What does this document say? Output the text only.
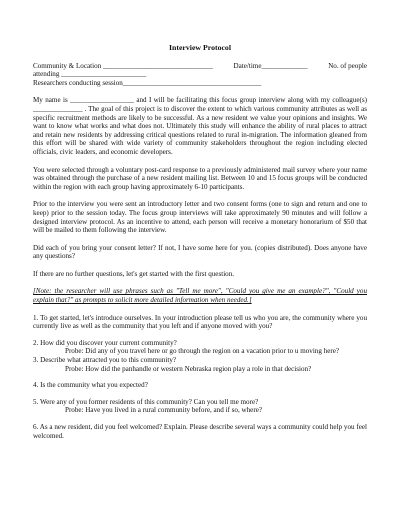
Interview Protocol
Community & Location _______________________________	Date/time_____________	No. of people
attending ________________________
Researchers conducting session_______________________________________

My name is __________________ and I will be facilitating this focus group interview along with my colleague(s) ______________ . The goal of this project is to discover the extent to which various community attributes as well as specific recruitment methods are likely to be successful. As a new resident we value your opinions and insights. We want to know what works and what does not. Ultimately this study will enhance the ability of rural places to attract and retain new residents by addressing critical questions related to rural in-migration. The information gleaned from this effort will be shared with wide variety of community stakeholders throughout the region including elected officials, civic leaders, and economic developers.

You were selected through a voluntary post-card response to a previously administered mail survey where your name was obtained through the purchase of a new resident mailing list. Between 10 and 15 focus groups will be conducted within the region with each group having approximately 6-10 participants.

Prior to the interview you were sent an introductory letter and two consent forms (one to sign and return and one to keep) prior to the session today. The focus group interviews will take approximately 90 minutes and will follow a designed interview protocol. As an incentive to attend, each person will receive a monetary honorarium of $50 that will be mailed to them following the interview.

Did each of you bring your consent letter? If not, I have some here for you. (copies distributed). Does anyone have any questions?

If there are no further questions, let's get started with the first question.

[Note: the researcher will use phrases such as "Tell me more", "Could you give me an example?", "Could you explain that?" as prompts to solicit more detailed information when needed.]

1. To get started, let's introduce ourselves. In your introduction please tell us who you are, the community where you currently live as well as the community that you left and if anyone moved with you?

2. How did you discover your current community?
Probe: Did any of you travel here or go through the region on a vacation prior to u moving here?
3. Describe what attracted you to this community?
Probe: How did the panhandle or western Nebraska region play a role in that decision?
4. Is the community what you expected?
5. Were any of you former residents of this community? Can you tell me more?
Probe: Have you lived in a rural community before, and if so, where?

6. As a new resident, did you feel welcomed? Explain. Please describe several ways a community could help you feel welcomed.
